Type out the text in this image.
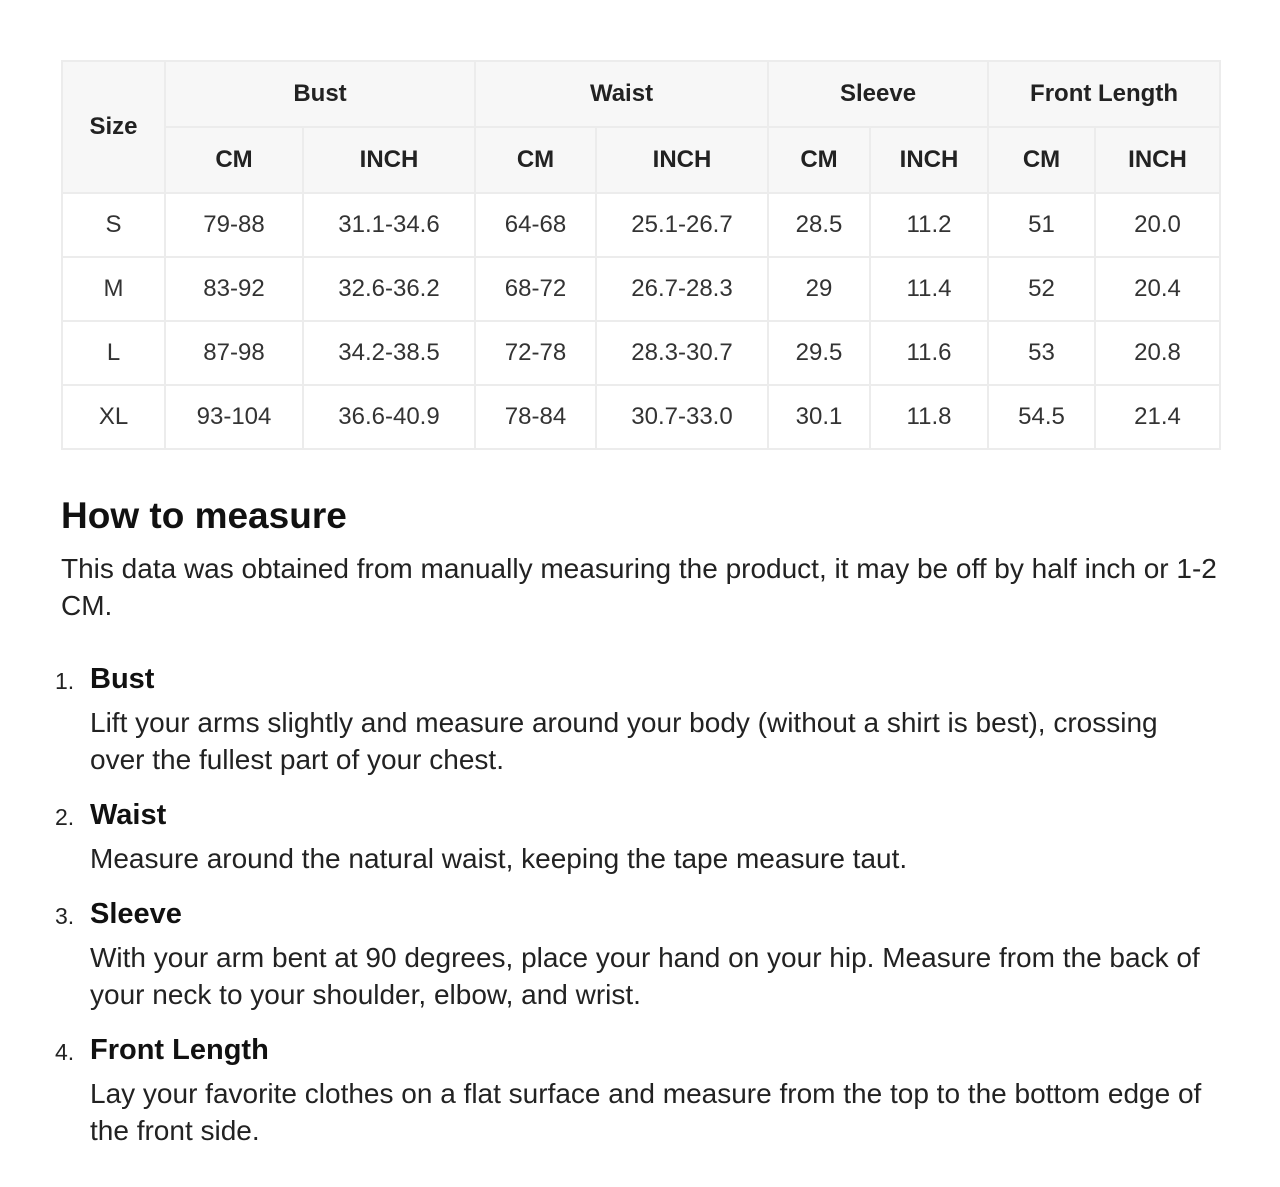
Size	Bust		Waist		Sleeve		Front Length	
	CM	INCH	CM	INCH	CM	INCH	CM	INCH
S	79-88	31.1-34.6	64-68	25.1-26.7	28.5	11.2	51	20.0
M	83-92	32.6-36.2	68-72	26.7-28.3	29	11.4	52	20.4
L	87-98	34.2-38.5	72-78	28.3-30.7	29.5	11.6	53	20.8
XL	93-104	36.6-40.9	78-84	30.7-33.0	30.1	11.8	54.5	21.4
How to measure

This data was obtained from manually measuring the product, it may be off by half inch or 1-2 CM.

1. Bust
Lift your arms slightly and measure around your body (without a shirt is best), crossing over the fullest part of your chest.
2. Waist
Measure around the natural waist, keeping the tape measure taut.
3. Sleeve
With your arm bent at 90 degrees, place your hand on your hip. Measure from the back of your neck to your shoulder, elbow, and wrist.
4. Front Length
Lay your favorite clothes on a flat surface and measure from the top to the bottom edge of the front side.
